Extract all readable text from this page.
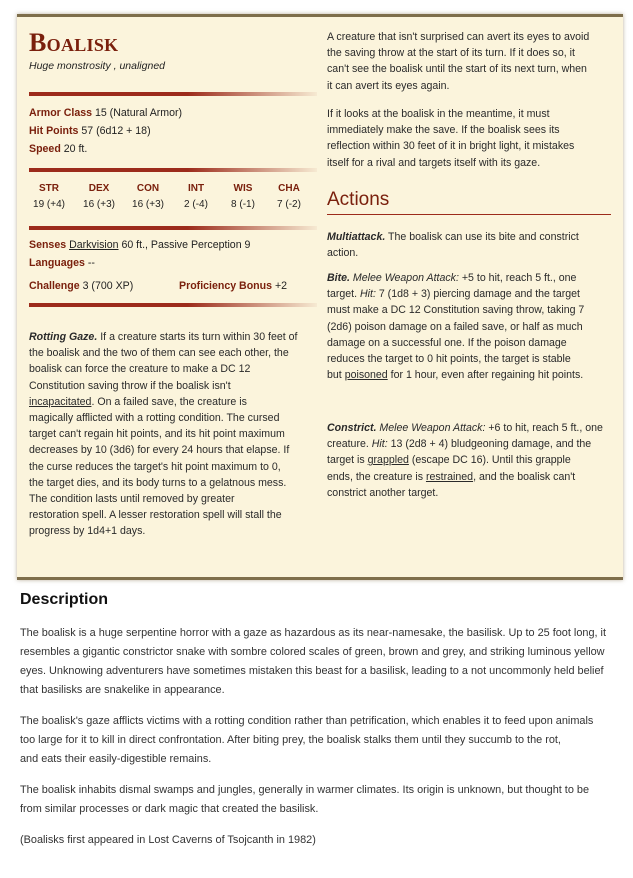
Boalisk
Huge monstrosity , unaligned
Armor Class 15 (Natural Armor)
Hit Points 57 (6d12 + 18)
Speed 20 ft.
STR
19 (+4)
DEX
16 (+3)
CON
16 (+3)
INT
2 (-4)
WIS
8 (-1)
CHA
7 (-2)
Senses Darkvision 60 ft., Passive Perception 9
Languages --
Challenge 3 (700 XP)	Proficiency Bonus +2
Rotting Gaze. If a creature starts its turn within 30 feet of
the boalisk and the two of them can see each other, the
boalisk can force the creature to make a DC 12
Constitution saving throw if the boalisk isn't
incapacitated. On a failed save, the creature is
magically afflicted with a rotting condition. The cursed
target can't regain hit points, and its hit point maximum
decreases by 10 (3d6) for every 24 hours that elapse. If
the curse reduces the target's hit point maximum to 0,
the target dies, and its body turns to a gelatnous mess.
The condition lasts until removed by greater
restoration spell. A lesser restoration spell will stall the
progress by 1d4+1 days.
A creature that isn't surprised can avert its eyes to avoid
the saving throw at the start of its turn. If it does so, it
can't see the boalisk until the start of its next turn, when
it can avert its eyes again.
If it looks at the boalisk in the meantime, it must
immediately make the save. If the boalisk sees its
reflection within 30 feet of it in bright light, it mistakes
itself for a rival and targets itself with its gaze.
Actions
Multiattack. The boalisk can use its bite and constrict
action.
Bite. Melee Weapon Attack: +5 to hit, reach 5 ft., one
target. Hit: 7 (1d8 + 3) piercing damage and the target
must make a DC 12 Constitution saving throw, taking 7
(2d6) poison damage on a failed save, or half as much
damage on a successful one. If the poison damage
reduces the target to 0 hit points, the target is stable
but poisoned for 1 hour, even after regaining hit points.
Constrict. Melee Weapon Attack: +6 to hit, reach 5 ft., one
creature. Hit: 13 (2d8 + 4) bludgeoning damage, and the
target is grappled (escape DC 16). Until this grapple
ends, the creature is restrained, and the boalisk can't
constrict another target.
Description
The boalisk is a huge serpentine horror with a gaze as hazardous as its near-namesake, the basilisk. Up to 25 foot long, it
resembles a gigantic constrictor snake with sombre colored scales of green, brown and grey, and striking luminous yellow
eyes. Unknowing adventurers have sometimes mistaken this beast for a basilisk, leading to a not uncommonly held belief
that basilisks are snakelike in appearance.
The boalisk's gaze afflicts victims with a rotting condition rather than petrification, which enables it to feed upon animals
too large for it to kill in direct confrontation. After biting prey, the boalisk stalks them until they succumb to the rot,
and eats their easily-digestible remains.
The boalisk inhabits dismal swamps and jungles, generally in warmer climates. Its origin is unknown, but thought to be
from similar processes or dark magic that created the basilisk.
(Boalisks first appeared in Lost Caverns of Tsojcanth in 1982)
